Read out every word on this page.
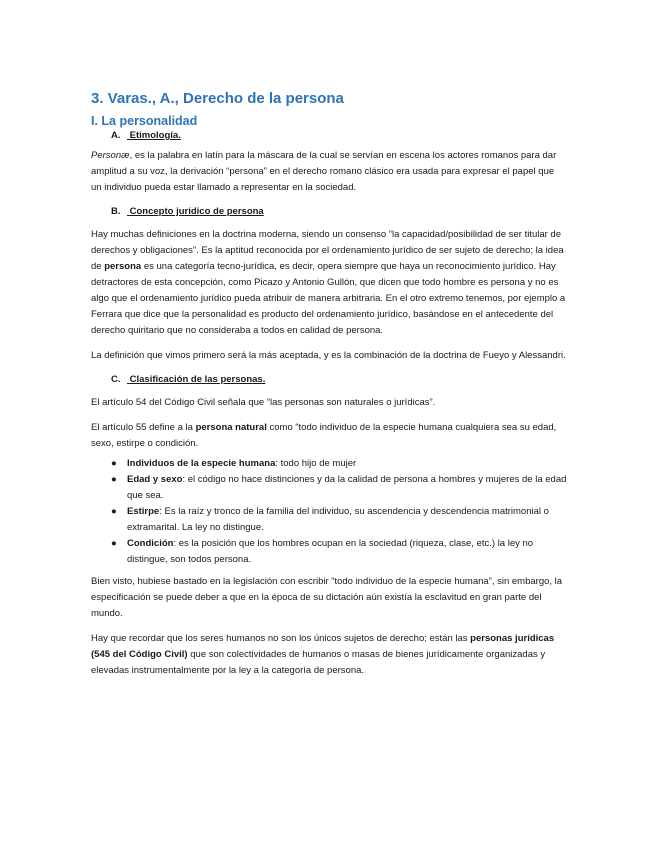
3. Varas., A., Derecho de la persona
I. La personalidad
A. Etimología.

Personæ, es la palabra en latín para la máscara de la cual se servían en escena los actores romanos para dar amplitud a su voz, la derivación “persona” en el derecho romano clásico era usada para expresar el papel que un individuo pueda estar llamado a representar en la sociedad.

B. Concepto jurídico de persona

Hay muchas definiciones en la doctrina moderna, siendo un consenso “la capacidad/posibilidad de ser titular de derechos y obligaciones”. Es la aptitud reconocida por el ordenamiento jurídico de ser sujeto de derecho; la idea de persona es una categoría tecno-jurídica, es decir, opera siempre que haya un reconocimiento jurídico. Hay detractores de esta concepción, como Picazo y Antonio Gullón, que dicen que todo hombre es persona y no es algo que el ordenamiento jurídico pueda atribuir de manera arbitraria. En el otro extremo tenemos, por ejemplo a Ferrara que dice que la personalidad es producto del ordenamiento jurídico, basándose en el antecedente del derecho quiritario que no consideraba a todos en calidad de persona.

La definición que vimos primero será la más aceptada, y es la combinación de la doctrina de Fueyo y Alessandri.

C. Clasificación de las personas.

El artículo 54 del Código Civil señala que “las personas son naturales o jurídicas”.

El artículo 55 define a la persona natural como “todo individuo de la especie humana cualquiera sea su edad, sexo, estirpe o condición.

● Individuos de la especie humana: todo hijo de mujer
● Edad y sexo: el código no hace distinciones y da la calidad de persona a hombres y mujeres de la edad que sea.
● Estirpe: Es la raíz y tronco de la familia del individuo, su ascendencia y descendencia matrimonial o extramarital. La ley no distingue.
● Condición: es la posición que los hombres ocupan en la sociedad (riqueza, clase, etc.) la ley no distingue, son todos persona.

Bien visto, hubiese bastado en la legislación con escribir “todo individuo de la especie humana”, sin embargo, la especificación se puede deber a que en la época de su dictación aún existía la esclavitud en gran parte del mundo.

Hay que recordar que los seres humanos no son los únicos sujetos de derecho; están las personas jurídicas (545 del Código Civil) que son colectividades de humanos o masas de bienes jurídicamente organizadas y elevadas instrumentalmente por la ley a la categoría de persona.
